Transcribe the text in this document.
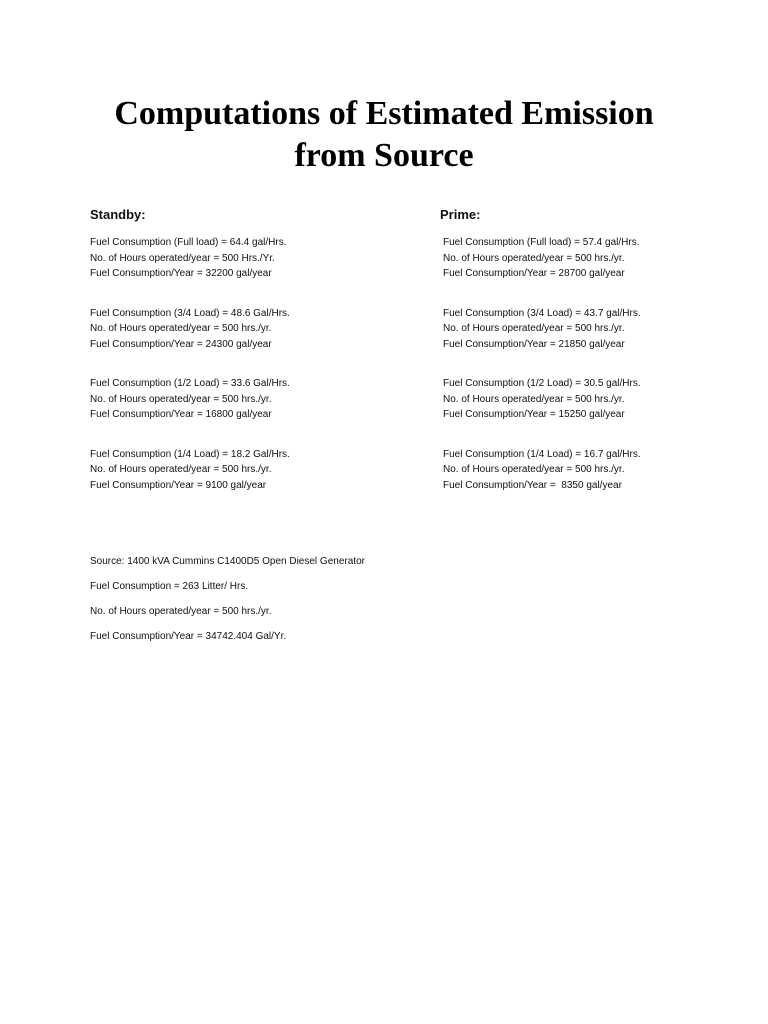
Computations of Estimated Emission
from Source
Standby:
Fuel Consumption (Full load) = 64.4 gal/Hrs.
No. of Hours operated/year = 500 Hrs./Yr.
Fuel Consumption/Year = 32200 gal/year
Fuel Consumption (3/4 Load) = 48.6 Gal/Hrs.
No. of Hours operated/year = 500 hrs./yr.
Fuel Consumption/Year = 24300 gal/year
Fuel Consumption (1/2 Load) = 33.6 Gal/Hrs.
No. of Hours operated/year = 500 hrs./yr.
Fuel Consumption/Year = 16800 gal/year
Fuel Consumption (1/4 Load) = 18.2 Gal/Hrs.
No. of Hours operated/year = 500 hrs./yr.
Fuel Consumption/Year = 9100 gal/year
Prime:
Fuel Consumption (Full load) = 57.4 gal/Hrs.
No. of Hours operated/year = 500 hrs./yr.
Fuel Consumption/Year = 28700 gal/year
Fuel Consumption (3/4 Load) = 43.7 gal/Hrs.
No. of Hours operated/year = 500 hrs./yr.
Fuel Consumption/Year = 21850 gal/year
Fuel Consumption (1/2 Load) = 30.5 gal/Hrs.
No. of Hours operated/year = 500 hrs./yr.
Fuel Consumption/Year = 15250 gal/year
Fuel Consumption (1/4 Load) = 16.7 gal/Hrs.
No. of Hours operated/year = 500 hrs./yr.
Fuel Consumption/Year =  8350 gal/year
Source: 1400 kVA Cummins C1400D5 Open Diesel Generator
Fuel Consumption = 263 Litter/ Hrs.
No. of Hours operated/year = 500 hrs./yr.
Fuel Consumption/Year = 34742.404 Gal/Yr.
